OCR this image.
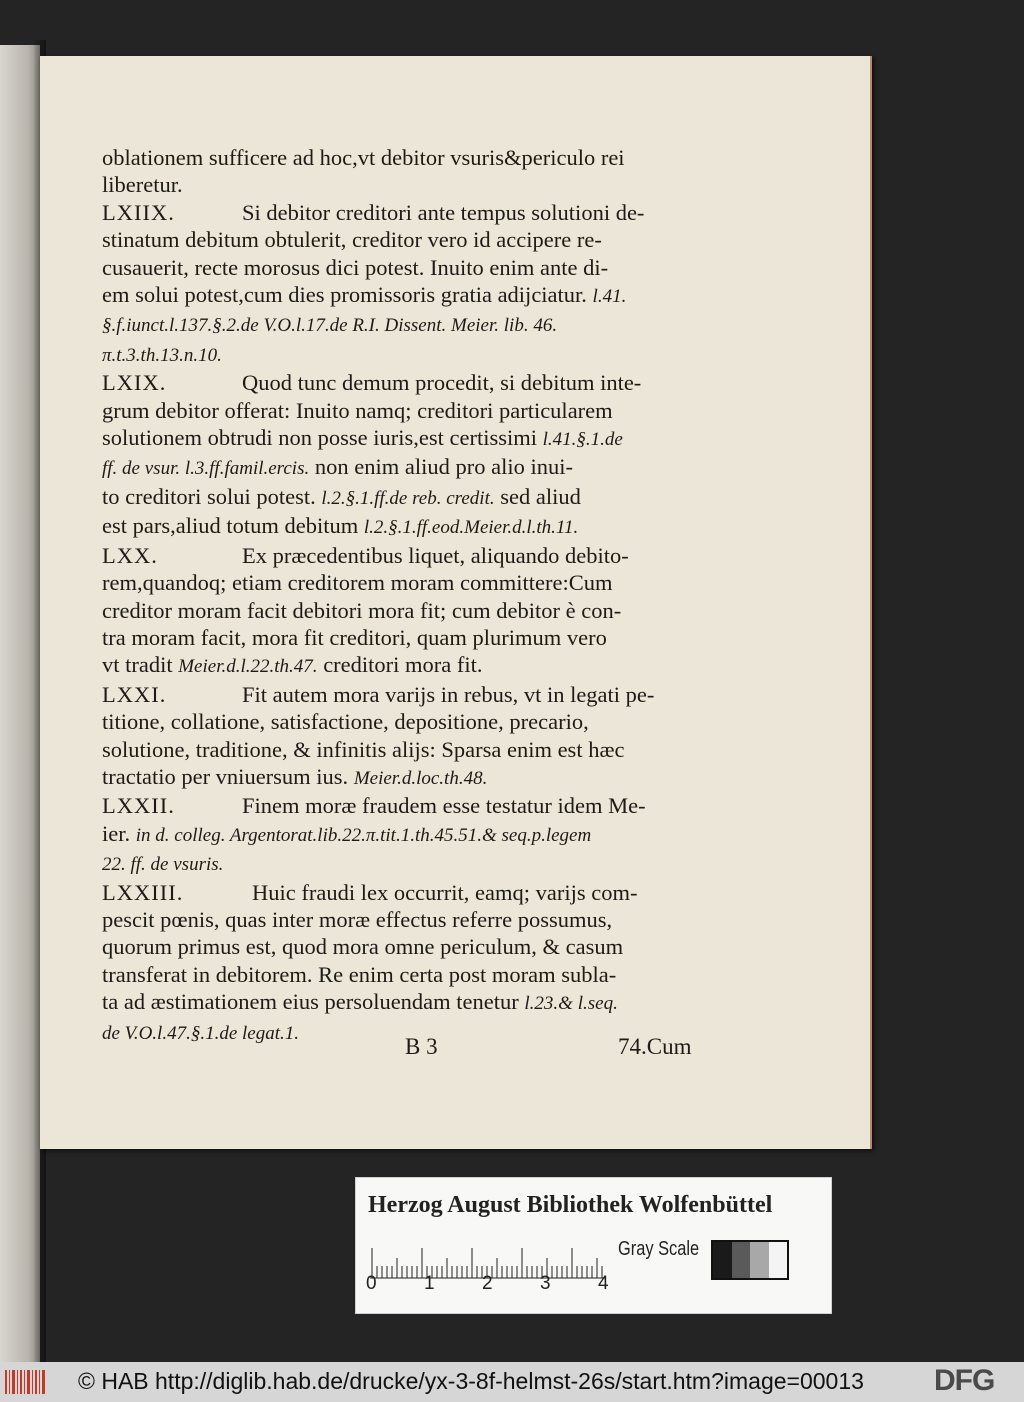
oblationem sufficere ad hoc,vt debitor vsuris&periculo rei
liberetur.
LXIIX.	Si debitor creditori ante tempus solutioni de-
stinatum debitum obtulerit, creditor vero id accipere re-
cusauerit, recte morosus dici potest. Inuito enim ante di-
em solui potest,cum dies promissoris gratia adijciatur. l.41.
§.f.iunct.l.137.§.2.de V.O.l.17.de R.I. Dissent. Meier. lib. 46.
π.t.3.th.13.n.10.
LXIX.	Quod tunc demum procedit, si debitum inte-
grum debitor offerat: Inuito namq; creditori particularem
solutionem obtrudi non posse iuris,est certissimi l.41.§.1.de
ff. de vsur. l.3.ff.famil.ercis. non enim aliud pro alio inui-
to creditori solui potest. l.2.§.1.ff.de reb. credit. sed aliud
est pars,aliud totum debitum l.2.§.1.ff.eod.Meier.d.l.th.11.
LXX.	Ex præcedentibus liquet, aliquando debito-
rem,quandoq; etiam creditorem moram committere:Cum
creditor moram facit debitori mora fit; cum debitor è con-
tra moram facit, mora fit creditori, quam plurimum vero
vt tradit Meier.d.l.22.th.47. creditori mora fit.
LXXI.	Fit autem mora varijs in rebus, vt in legati pe-
titione, collatione, satisfactione, depositione, precario,
solutione, traditione, & infinitis alijs: Sparsa enim est hæc
tractatio per vniuersum ius. Meier.d.loc.th.48.
LXXII.	Finem moræ fraudem esse testatur idem Me-
ier. in d. colleg. Argentorat.lib.22.π.tit.1.th.45.51.& seq.p.legem
22. ff. de vsuris.
LXXIII.	Huic fraudi lex occurrit, eamq; varijs com-
pescit pœnis, quas inter moræ effectus referre possumus,
quorum primus est, quod mora omne periculum, & casum
transferat in debitorem. Re enim certa post moram subla-
ta ad æstimationem eius persoluendam tenetur l.23.& l.seq.
de V.O.l.47.§.1.de legat.1.
B 3	74.Cum
Herzog August Bibliothek Wolfenbüttel
0 1 2 3 4
Gray Scale
© HAB http://diglib.hab.de/drucke/yx-3-8f-helmst-26s/start.htm?image=00013 DFG
